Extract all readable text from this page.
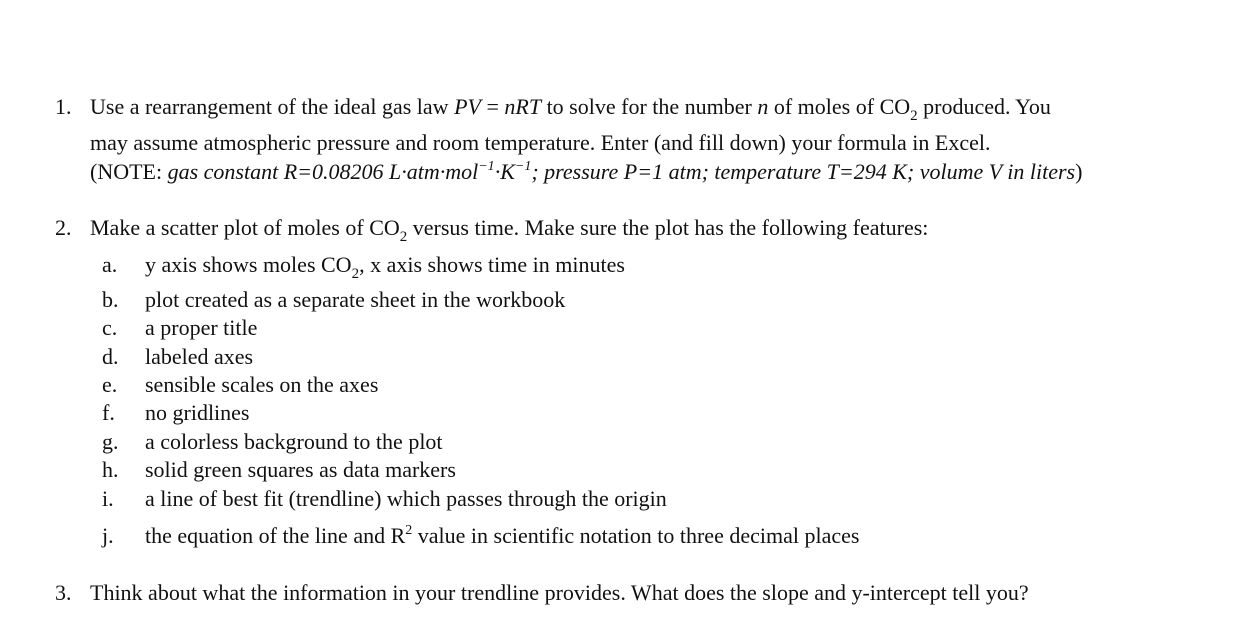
1. Use a rearrangement of the ideal gas law PV = nRT to solve for the number n of moles of $CO_2$ produced. You
may assume atmospheric pressure and room temperature. Enter (and fill down) your formula in Excel.
(NOTE: gas constant R=0.08206 $L\cdot atm\cdot mol^{-1}\cdot K^{-1}$; pressure P=1 atm; temperature T=294 K; volume V in liters)
2. Make a scatter plot of moles of $CO_2$ versus time. Make sure the plot has the following features:
a. y axis shows moles $CO_2$, x axis shows time in minutes
b. plot created as a separate sheet in the workbook
c. a proper title
d. labeled axes
e. sensible scales on the axes
f. no gridlines
g. a colorless background to the plot
h. solid green squares as data markers
i. a line of best fit (trendline) which passes through the origin
j. the equation of the line and $R^2$ value in scientific notation to three decimal places
3. Think about what the information in your trendline provides. What does the slope and y-intercept tell you?
